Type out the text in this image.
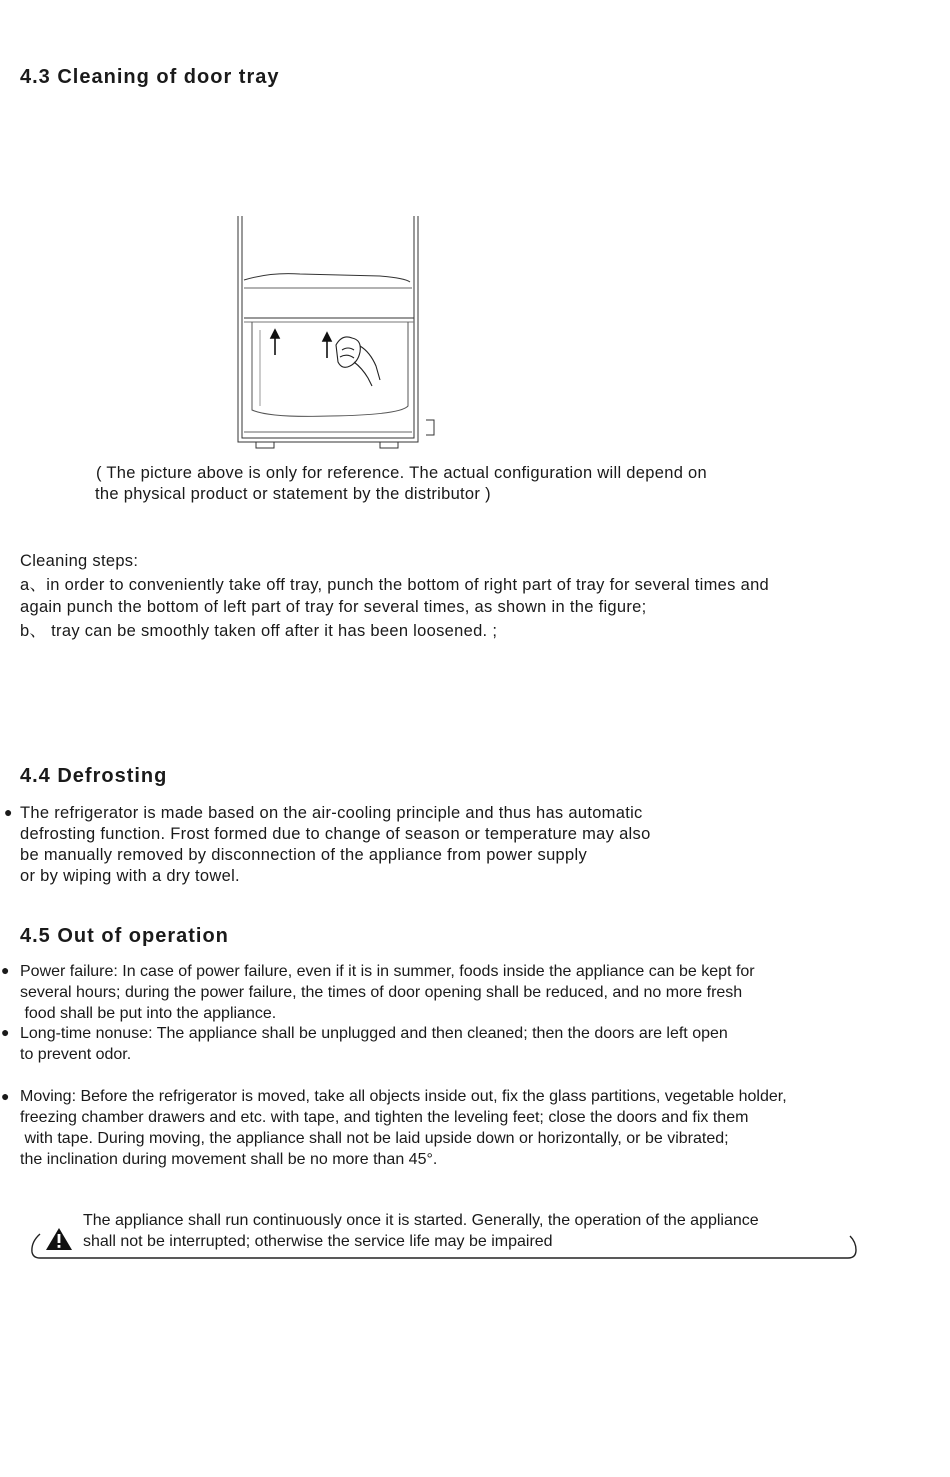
4.3 Cleaning of door tray
( The picture above is only for reference. The actual configuration will depend on
the physical product or statement by the distributor )
Cleaning steps:
a、in order to conveniently take off tray, punch the bottom of right part of tray for several times and
again punch the bottom of left part of tray for several times, as shown in the figure;
b、 tray can be smoothly taken off after it has been loosened. ;
4.4 Defrosting
● The refrigerator is made based on the air-cooling principle and thus has automatic
defrosting function. Frost formed due to change of season or temperature may also
be manually removed by disconnection of the appliance from power supply
or by wiping with a dry towel.
4.5 Out of operation
● Power failure: In case of power failure, even if it is in summer, foods inside the appliance can be kept for
several hours; during the power failure, the times of door opening shall be reduced, and no more fresh
food shall be put into the appliance.
● Long-time nonuse: The appliance shall be unplugged and then cleaned; then the doors are left open
to prevent odor.
● Moving: Before the refrigerator is moved, take all objects inside out, fix the glass partitions, vegetable holder,
freezing chamber drawers and etc. with tape, and tighten the leveling feet; close the doors and fix them
with tape. During moving, the appliance shall not be laid upside down or horizontally, or be vibrated;
the inclination during movement shall be no more than 45°.
The appliance shall run continuously once it is started. Generally, the operation of the appliance
shall not be interrupted; otherwise the service life may be impaired
